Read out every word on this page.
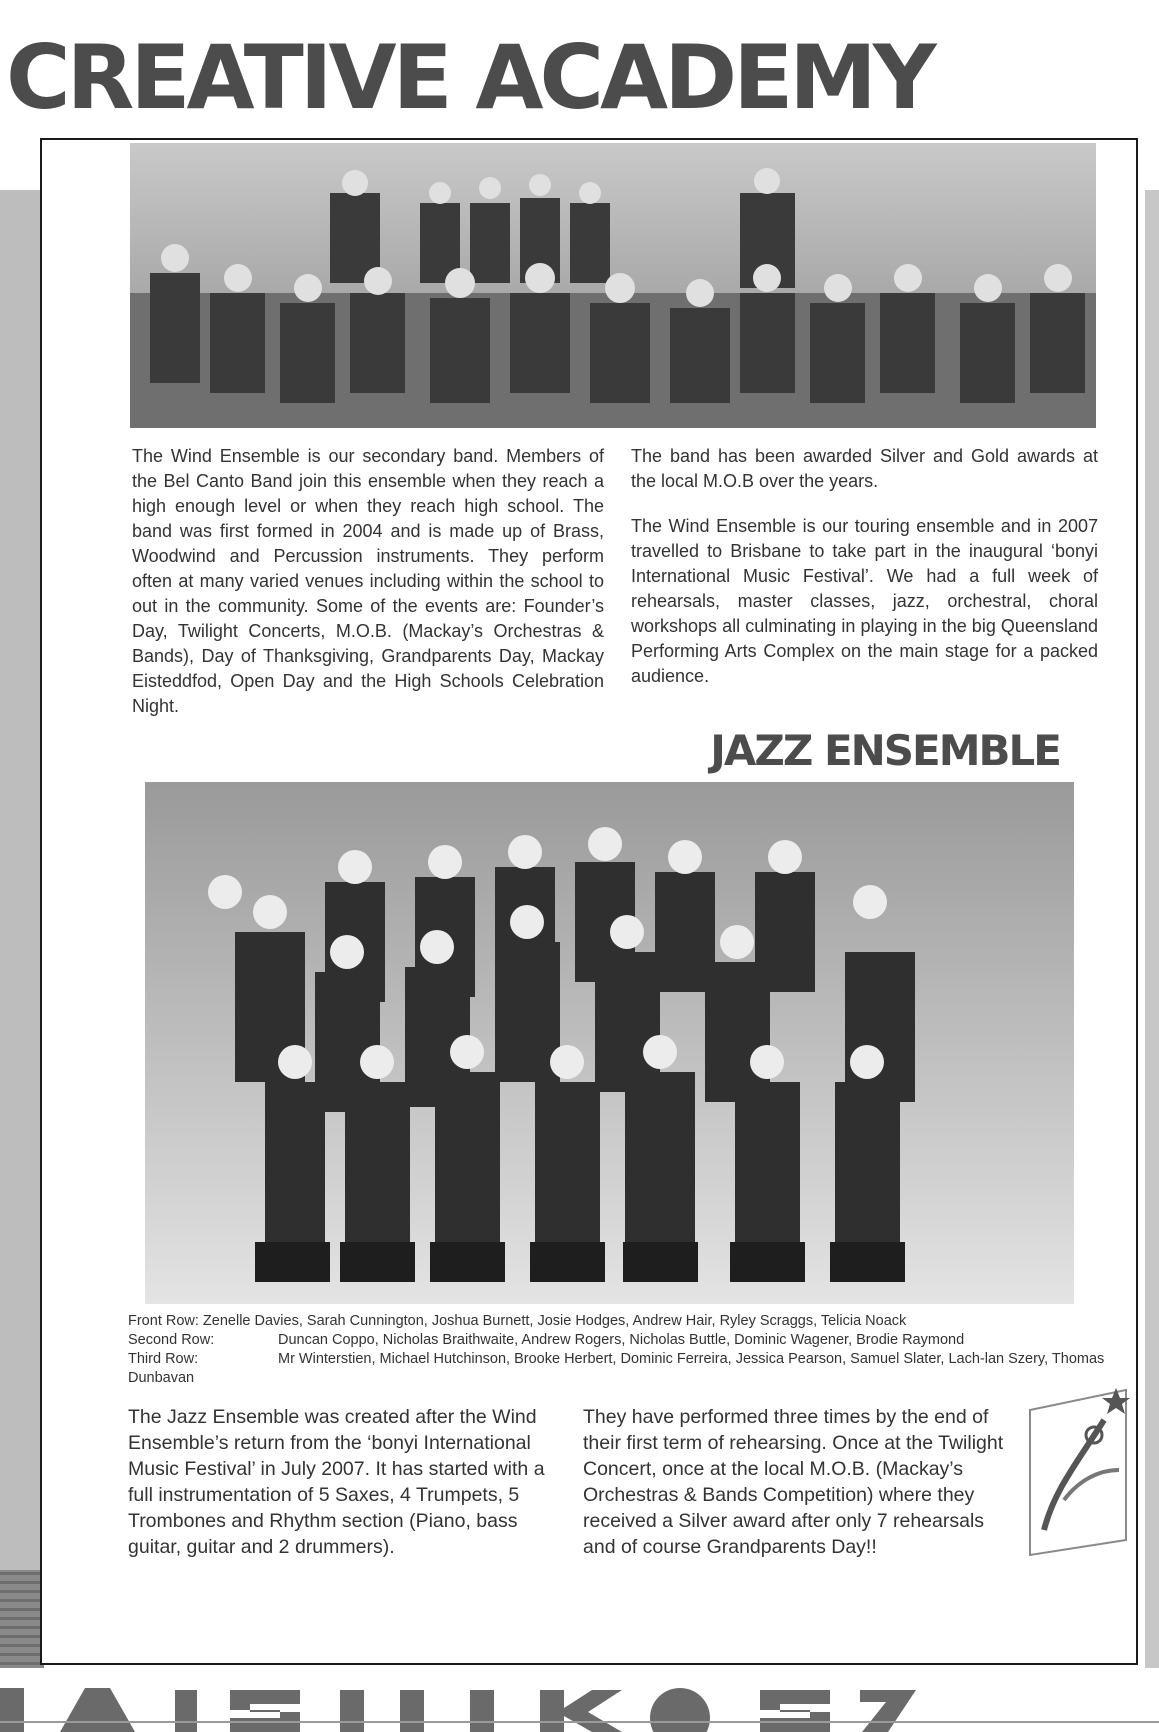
CREATIVE ACADEMY

The Wind Ensemble is our secondary band. Members of the Bel Canto Band join this ensemble when they reach a high enough level or when they reach high school. The band was first formed in 2004 and is made up of Brass, Woodwind and Percussion instruments. They perform often at many varied venues including within the school to out in the community. Some of the events are: Founder’s Day, Twilight Concerts, M.O.B. (Mackay’s Orchestras & Bands), Day of Thanksgiving, Grandparents Day, Mackay Eisteddfod, Open Day and the High Schools Celebration Night.

The band has been awarded Silver and Gold awards at the local M.O.B over the years.

The Wind Ensemble is our touring ensemble and in 2007 travelled to Brisbane to take part in the inaugural ‘bonyi International Music Festival’. We had a full week of rehearsals, master classes, jazz, orchestral, choral workshops all culminating in playing in the big Queensland Performing Arts Complex on the main stage for a packed audience.

JAZZ ENSEMBLE
Front Row: Zenelle Davies, Sarah Cunnington, Joshua Burnett, Josie Hodges, Andrew Hair, Ryley Scraggs, Telicia Noack
Second Row:	Duncan Coppo, Nicholas Braithwaite, Andrew Rogers, Nicholas Buttle, Dominic Wagener, Brodie Raymond
Third Row:	Mr Winterstien, Michael Hutchinson, Brooke Herbert, Dominic Ferreira, Jessica Pearson, Samuel Slater, Lach-lan Szery, Thomas Dunbavan

The Jazz Ensemble was created after the Wind Ensemble’s return from the ‘bonyi International Music Festival’ in July 2007. It has started with a full instrumentation of 5 Saxes, 4 Trumpets, 5 Trombones and Rhythm section (Piano, bass guitar, guitar and 2 drummers).

They have performed three times by the end of their first term of rehearsing. Once at the Twilight Concert, once at the local M.O.B. (Mackay’s Orchestras & Bands Competition) where they received a Silver award after only 7 rehearsals and of course Grandparents Day!!
